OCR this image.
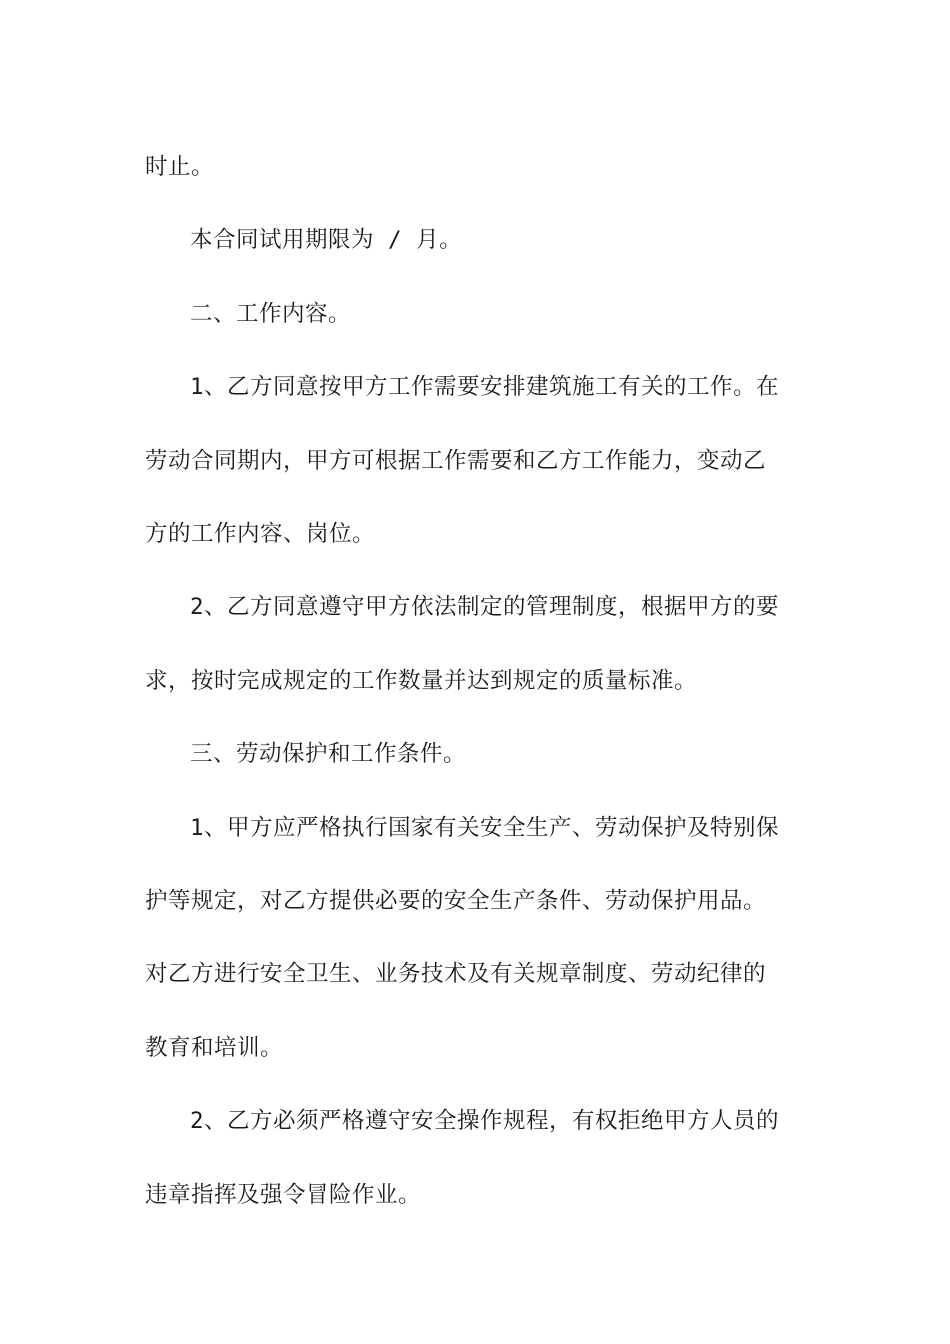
时止。

本合同试用期限为 / 月。

二、工作内容。

1、乙方同意按甲方工作需要安排建筑施工有关的工作。在

劳动合同期内，甲方可根据工作需要和乙方工作能力，变动乙

方的工作内容、岗位。

2、乙方同意遵守甲方依法制定的管理制度，根据甲方的要

求，按时完成规定的工作数量并达到规定的质量标准。

三、劳动保护和工作条件。

1、甲方应严格执行国家有关安全生产、劳动保护及特别保

护等规定，对乙方提供必要的安全生产条件、劳动保护用品。

对乙方进行安全卫生、业务技术及有关规章制度、劳动纪律的

教育和培训。

2、乙方必须严格遵守安全操作规程，有权拒绝甲方人员的

违章指挥及强令冒险作业。
